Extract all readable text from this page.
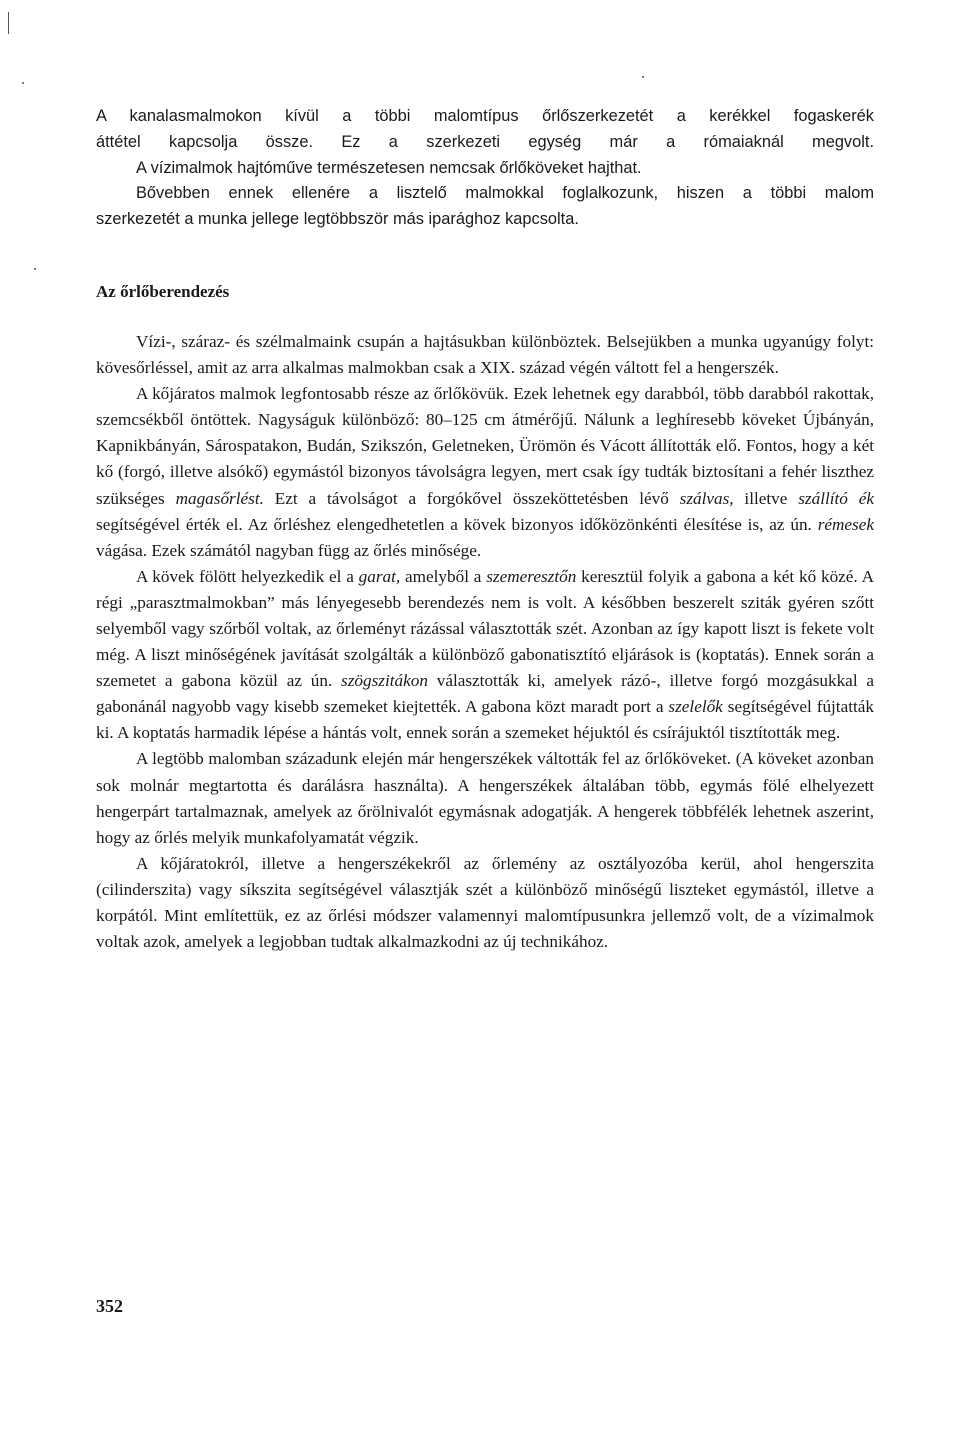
A kanalasmalmokon kívül a többi malomtípus őrlőszerkezetét a kerékkel fogaskerék
áttétel kapcsolja össze. Ez a szerkezeti egység már a rómaiaknál megvolt.
A vízimalmok hajtóműve természetesen nemcsak őrlőköveket hajthat.
Bővebben ennek ellenére a lisztelő malmokkal foglalkozunk, hiszen a többi malom
szerkezetét a munka jellege legtöbbször más iparághoz kapcsolta.
Az őrlőberendezés

Vízi-, száraz- és szélmalmaink csupán a hajtásukban különböztek. Belsejükben a munka ugyanúgy folyt: kövesőrléssel, amit az arra alkalmas malmokban csak a XIX. század végén váltott fel a hengerszék.

A kőjáratos malmok legfontosabb része az őrlőkövük. Ezek lehetnek egy darabból, több darabból rakottak, szemcsékből öntöttek. Nagyságuk különböző: 80–125 cm átmérőjű. Nálunk a leghíresebb köveket Újbányán, Kapnikbányán, Sárospatakon, Budán, Szikszón, Geletneken, Ürömön és Vácott állították elő. Fontos, hogy a két kő (forgó, illetve alsókő) egymástól bizonyos távolságra legyen, mert csak így tudták biztosítani a fehér liszthez szükséges magasőrlést. Ezt a távolságot a forgókővel összeköttetésben lévő szálvas, illetve szállító ék segítségével érték el. Az őrléshez elengedhetetlen a kövek bizonyos időközönkénti élesítése is, az ún. rémesek vágása. Ezek számától nagyban függ az őrlés minősége.

A kövek fölött helyezkedik el a garat, amelyből a szemeresztőn keresztül folyik a gabona a két kő közé. A régi „parasztmalmokban” más lényegesebb berendezés nem is volt. A későbben beszerelt sziták gyéren szőtt selyemből vagy szőrből voltak, az őrleményt rázással választották szét. Azonban az így kapott liszt is fekete volt még. A liszt minőségének javítását szolgálták a különböző gabonatisztító eljárások is (koptatás). Ennek során a szemetet a gabona közül az ún. szögszitákon választották ki, amelyek rázó-, illetve forgó mozgásukkal a gabonánál nagyobb vagy kisebb szemeket kiejtették. A gabona közt maradt port a szelelők segítségével fújtatták ki. A koptatás harmadik lépése a hántás volt, ennek során a szemeket héjuktól és csírájuktól tisztították meg.

A legtöbb malomban századunk elején már hengerszékek váltották fel az őrlőköveket. (A köveket azonban sok molnár megtartotta és darálásra használta). A hengerszékek általában több, egymás fölé elhelyezett hengerpárt tartalmaznak, amelyek az őrölnivalót egymásnak adogatják. A hengerek többfélék lehetnek aszerint, hogy az őrlés melyik munkafolyamatát végzik.

A kőjáratokról, illetve a hengerszékekről az őrlemény az osztályozóba kerül, ahol hengerszita (cilinderszita) vagy síkszita segítségével választják szét a különböző minőségű liszteket egymástól, illetve a korpától. Mint említettük, ez az őrlési módszer valamennyi malomtípusunkra jellemző volt, de a vízimalmok voltak azok, amelyek a legjobban tudtak alkalmazkodni az új technikához.

352
